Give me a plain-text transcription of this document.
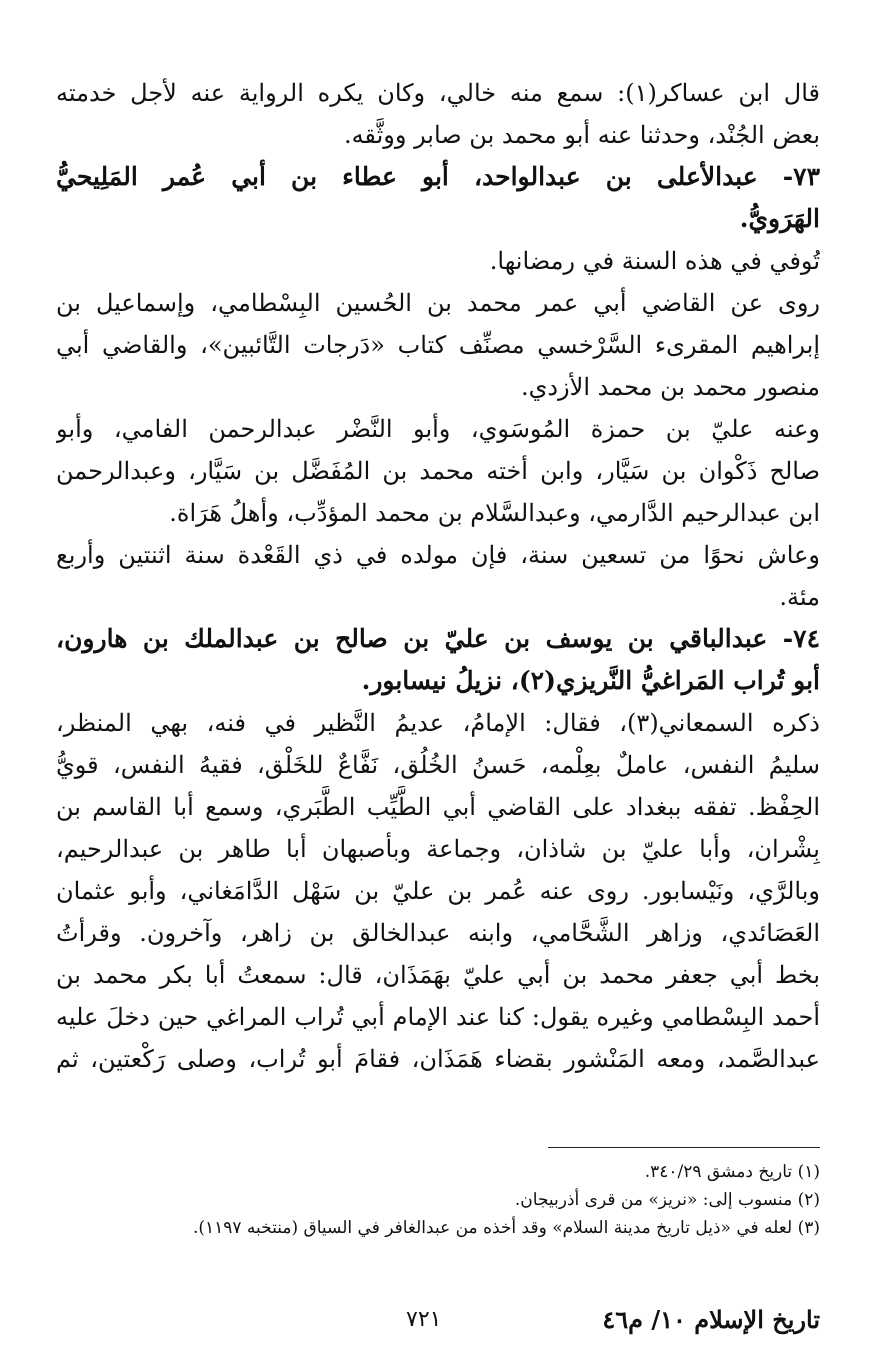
قال ابن عساكر(١): سمع منه خالي، وكان يكره الرواية عنه لأجل خدمته
بعض الجُنْد، وحدثنا عنه أبو محمد بن صابر ووثَّقه.
٧٣- عبدالأعلى بن عبدالواحد، أبو عطاء بن أبي عُمر المَلِيحيُّ
الهَرَويُّ.
تُوفي في هذه السنة في رمضانها.
روى عن القاضي أبي عمر محمد بن الحُسين البِسْطامي، وإسماعيل بن
إبراهيم المقرىء السَّرْخسي مصنِّف كتاب «دَرجات التَّائبين»، والقاضي أبي
منصور محمد بن محمد الأزدي.
وعنه عليّ بن حمزة المُوسَوي، وأبو النَّضْر عبدالرحمن الفامي، وأبو
صالح ذَكْوان بن سَيَّار، وابن أخته محمد بن المُفَضَّل بن سَيَّار، وعبدالرحمن
ابن عبدالرحيم الدَّارمي، وعبدالسَّلام بن محمد المؤدِّب، وأهلُ هَرَاة.
وعاش نحوًا من تسعين سنة، فإن مولده في ذي القَعْدة سنة اثنتين وأربع
مئة.
٧٤- عبدالباقي بن يوسف بن عليّ بن صالح بن عبدالملك بن هارون،
أبو تُراب المَراغيُّ النَّريزي(٢)، نزيلُ نيسابور.
ذكره السمعاني(٣)، فقال: الإمامُ، عديمُ النَّظير في فنه، بهي المنظر،
سليمُ النفس، عاملٌ بعِلْمه، حَسنُ الخُلُق، نَفَّاعٌ للخَلْق، فقيهُ النفس، قويُّ
الحِفْظ. تفقه ببغداد على القاضي أبي الطَّيِّب الطَّبَري، وسمع أبا القاسم بن
بِشْران، وأبا عليّ بن شاذان، وجماعة وبأصبهان أبا طاهر بن عبدالرحيم،
وبالرَّي، ونَيْسابور. روى عنه عُمر بن عليّ بن سَهْل الدَّامَغاني، وأبو عثمان
العَصَائدي، وزاهر الشَّحَّامي، وابنه عبدالخالق بن زاهر، وآخرون. وقرأتُ
بخط أبي جعفر محمد بن أبي عليّ بهَمَذَان، قال: سمعتُ أبا بكر محمد بن
أحمد البِسْطامي وغيره يقول: كنا عند الإمام أبي تُراب المراغي حين دخلَ عليه
عبدالصَّمد، ومعه المَنْشور بقضاء هَمَذَان، فقامَ أبو تُراب، وصلى رَكْعتين، ثم
(١) تاريخ دمشق ٣٤٠/٢٩.
(٢) منسوب إلى: «نريز» من قرى أذربيجان.
(٣) لعله في «ذيل تاريخ مدينة السلام» وقد أخذه من عبدالغافر في السياق (منتخبه ١١٩٧).
تاريخ الإسلام ١٠/ م٤٦
٧٢١
